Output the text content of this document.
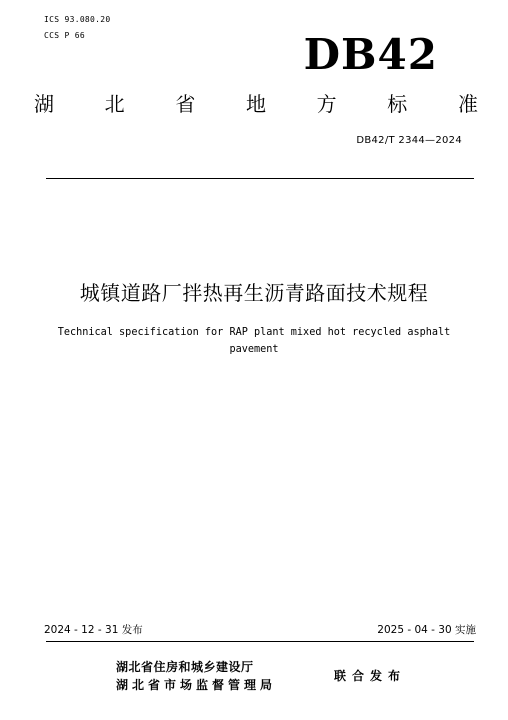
ICS 93.080.20
CCS P 66	DB42
湖	北	省	地	方	标	准
DB42/T 2344—2024
城镇道路厂拌热再生沥青路面技术规程
Technical specification for RAP plant mixed hot recycled asphalt pavement
2024 - 12 - 31 发布	2025 - 04 - 30 实施
湖北省住房和城乡建设厅
湖北省市场监督管理局
联合发布
